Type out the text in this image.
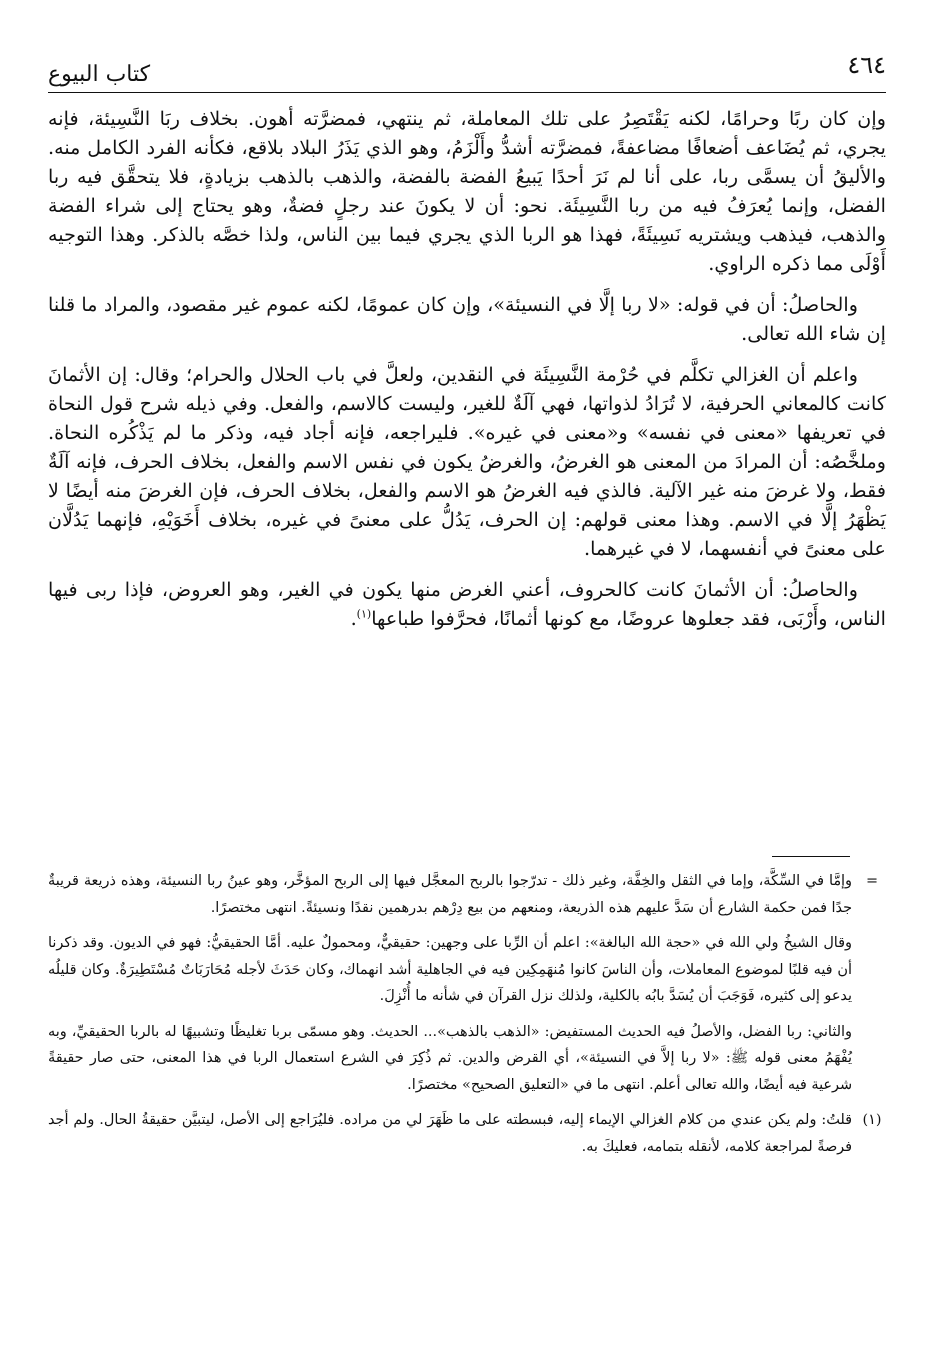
٤٦٤
كتاب البيوع

وإن كان ربًا وحرامًا، لكنه يَقْتَصِرُ على تلك المعاملة، ثم ينتهي، فمضرَّته أهون. بخلاف ربَا النَّسِيئة، فإنه يجري، ثم يُضَاعف أضعافًا مضاعفةً، فمضرَّته أشدُّ وأَلْزَمُ، وهو الذي يَذَرُ البلاد بلاقع، فكأنه الفرد الكامل منه. والأليقُ أن يسمَّى ربا، على أنا لم نَرَ أحدًا يَبيعُ الفضة بالفضة، والذهب بالذهب بزيادةٍ، فلا يتحقَّق فيه ربا الفضل، وإنما يُعرَفُ فيه من ربا النَّسِيئَة. نحو: أن لا يكونَ عند رجلٍ فضةٌ، وهو يحتاج إلى شراء الفضة والذهب، فيذهب ويشتريه نَسِيئَةً، فهذا هو الربا الذي يجري فيما بين الناس، ولذا خصَّه بالذكر. وهذا التوجيه أَوْلَى مما ذكره الراوي.

والحاصلُ: أن في قوله: «لا ربا إلَّا في النسيئة»، وإن كان عمومًا، لكنه عموم غير مقصود، والمراد ما قلنا إن شاء الله تعالى.

واعلم أن الغزالي تكلَّم في حُرْمة النَّسِيئَة في النقدين، ولعلَّ في باب الحلال والحرام؛ وقال: إن الأثمانَ كانت كالمعاني الحرفية، لا تُرَادُ لذواتها، فهي آلَةٌ للغير، وليست كالاسم، والفعل. وفي ذيله شرح قول النحاة في تعريفها «معنى في نفسه» و«معنى في غيره». فليراجعه، فإنه أجاد فيه، وذكر ما لم يَذْكُره النحاة. وملخَّصُه: أن المرادَ من المعنى هو الغرضُ، والغرضُ يكون في نفس الاسم والفعل، بخلاف الحرف، فإنه آلَةٌ فقط، ولا غرضَ منه غير الآلية. فالذي فيه الغرضُ هو الاسم والفعل، بخلاف الحرف، فإن الغرضَ منه أيضًا لا يَظْهَرُ إلَّا في الاسم. وهذا معنى قولهم: إن الحرف، يَدُلُّ على معنىً في غيره، بخلاف أَخَوَيْهِ، فإنهما يَدُلَّان على معنىً في أنفسهما، لا في غيرهما.

والحاصلُ: أن الأثمانَ كانت كالحروف، أعني الغرض منها يكون في الغير، وهو العروض، فإذا ربى فيها الناس، وأَرْبَى، فقد جعلوها عروضًا، مع كونها أثمانًا، فحرَّفوا طباعها$^{(١)}$.

=
وإمَّا في السِّكَّة، وإما في الثقل والخِفَّة، وغير ذلك - تدرّجوا بالربح المعجَّل فيها إلى الربح المؤخَّر، وهو عينُ ربا النسيئة، وهذه ذريعة قريبةٌ جدًا فمن حكمة الشارع أن سَدَّ عليهم هذه الذريعة، ومنعهم من بيع دِرْهم بدرهمين نقدًا ونسيئةً. انتهى مختصرًا.
وقال الشيخُ ولي الله في «حجة الله البالغة»: اعلم أن الرِّبا على وجهين: حقيقيٌّ، ومحمولٌ عليه. أمَّا الحقيقيُّ: فهو في الديون. وقد ذكرنا أن فيه قلبًا لموضوع المعاملات، وأن الناسَ كانوا مُنهَمِكِين فيه في الجاهلية أشد انهماك، وكان حَدَثَ لأجله مُحَارَبَاتٌ مُسْتَطِيرَةٌ. وكان قليلُه يدعو إلى كثيره، فَوَجَبَ أن يُسَدَّ بابُه بالكلية، ولذلك نزل القرآن في شأنه ما أُنْزِلَ.
والثاني: ربا الفضل، والأصلُ فيه الحديث المستفيض: «الذهب بالذهب»... الحديث. وهو مسمّى بربا تغليظًا وتشبيهًا له بالربا الحقيقيِّ، وبه يُفْهَمُ معنى قوله ﷺ: «لا ربا إلاَّ في النسيئة»، أي القرض والدين. ثم ذُكِرَ في الشرع استعمال الربا في هذا المعنى، حتى صار حقيقةً شرعية فيه أيضًا، والله تعالى أعلم. انتهى ما في «التعليق الصحيح» مختصرًا.
(١)
قلتُ: ولم يكن عندي من كلام الغزالي الإيماء إليه، فبسطته على ما ظَهَرَ لي من مراده. فليُرَاجع إلى الأصل، ليتبيَّن حقيقةُ الحال. ولم أجد فرصةً لمراجعة كلامه، لأنقله بتمامه، فعليكَ به.
